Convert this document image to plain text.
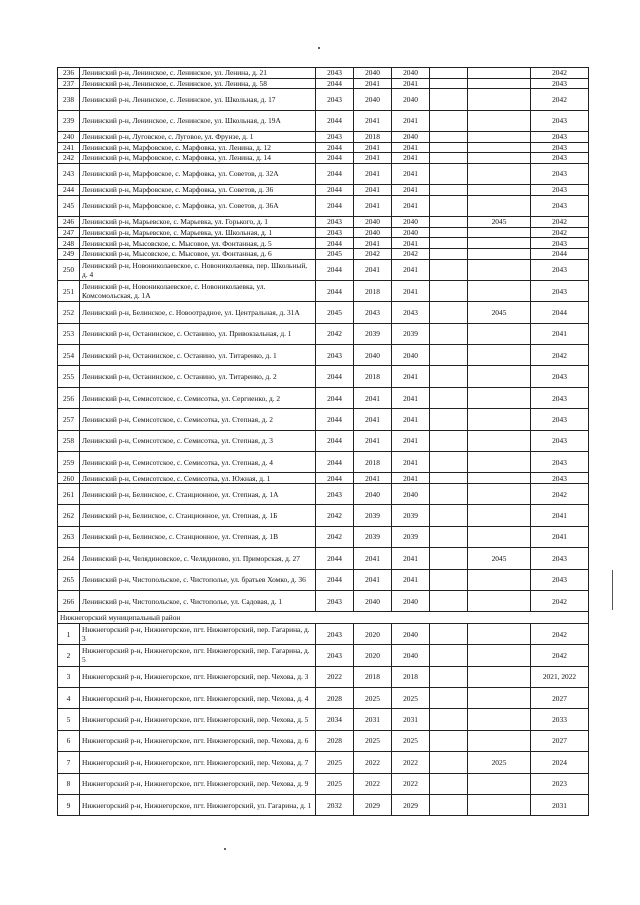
236	Ленинский р-н, Ленинское, с. Ленинское, ул. Ленина, д. 21	2043	2040	2040			2042
237	Ленинский р-н, Ленинское, с. Ленинское, ул. Ленина, д. 58	2044	2041	2041			2043
238	Ленинский р-н, Ленинское, с. Ленинское, ул. Школьная, д. 17	2043	2040	2040			2042
239	Ленинский р-н, Ленинское, с. Ленинское, ул. Школьная, д. 19А	2044	2041	2041			2043
240	Ленинский р-н, Луговское, с. Луговое, ул. Фрунзе, д. 1	2043	2018	2040			2043
241	Ленинский р-н, Марфовское, с. Марфовка, ул. Ленина, д. 12	2044	2041	2041			2043
242	Ленинский р-н, Марфовское, с. Марфовка, ул. Ленина, д. 14	2044	2041	2041			2043
243	Ленинский р-н, Марфовское, с. Марфовка, ул. Советов, д. 32А	2044	2041	2041			2043
244	Ленинский р-н, Марфовское, с. Марфовка, ул. Советов, д. 36	2044	2041	2041			2043
245	Ленинский р-н, Марфовское, с. Марфовка, ул. Советов, д. 36А	2044	2041	2041			2043
246	Ленинский р-н, Марьевское, с. Марьевка, ул. Горького, д. 1	2043	2040	2040		2045	2042
247	Ленинский р-н, Марьевское, с. Марьевка, ул. Школьная, д. 1	2043	2040	2040			2042
248	Ленинский р-н, Мысовское, с. Мысовое, ул. Фонтанная, д. 5	2044	2041	2041			2043
249	Ленинский р-н, Мысовское, с. Мысовое, ул. Фонтанная, д. 6	2045	2042	2042			2044
250	Ленинский р-н, Новониколаевское, с. Новониколаевка, пер. Школьный, д. 4	2044	2041	2041			2043
251	Ленинский р-н, Новониколаевское, с. Новониколаевка, ул. Комсомольская, д. 1А	2044	2018	2041			2043
252	Ленинский р-н, Белинское, с. Новоотрадное, ул. Центральная, д. 31А	2045	2043	2043		2045	2044
253	Ленинский р-н, Останинское, с. Останино, ул. Привокзальная, д. 1	2042	2039	2039			2041
254	Ленинский р-н, Останинское, с. Останино, ул. Титаренко, д. 1	2043	2040	2040			2042
255	Ленинский р-н, Останинское, с. Останино, ул. Титаренко, д. 2	2044	2018	2041			2043
256	Ленинский р-н, Семисотское, с. Семисотка, ул. Сергиенко, д. 2	2044	2041	2041			2043
257	Ленинский р-н, Семисотское, с. Семисотка, ул. Степная, д. 2	2044	2041	2041			2043
258	Ленинский р-н, Семисотское, с. Семисотка, ул. Степная, д. 3	2044	2041	2041			2043
259	Ленинский р-н, Семисотское, с. Семисотка, ул. Степная, д. 4	2044	2018	2041			2043
260	Ленинский р-н, Семисотское, с. Семисотка, ул. Южная, д. 1	2044	2041	2041			2043
261	Ленинский р-н, Белинское, с. Станционное, ул. Степная, д. 1А	2043	2040	2040			2042
262	Ленинский р-н, Белинское, с. Станционное, ул. Степная, д. 1Б	2042	2039	2039			2041
263	Ленинский р-н, Белинское, с. Станционное, ул. Степная, д. 1В	2042	2039	2039			2041
264	Ленинский р-н, Челядиновское, с. Челядиново, ул. Приморская, д. 27	2044	2041	2041		2045	2043
265	Ленинский р-н, Чистопольское, с. Чистополье, ул. братьев Хомко, д. 36	2044	2041	2041			2043
266	Ленинский р-н, Чистопольское, с. Чистополье, ул. Садовая, д. 1	2043	2040	2040			2042
Нижнегорский муниципальный район							
1	Нижнегорский р-н, Нижнегорское, пгт. Нижнегорский, пер. Гагарина, д. 3	2043	2020	2040			2042
2	Нижнегорский р-н, Нижнегорское, пгт. Нижнегорский, пер. Гагарина, д. 5	2043	2020	2040			2042
3	Нижнегорский р-н, Нижнегорское, пгт. Нижнегорский, пер. Чехова, д. 3	2022	2018	2018			2021, 2022
4	Нижнегорский р-н, Нижнегорское, пгт. Нижнегорский, пер. Чехова, д. 4	2028	2025	2025			2027
5	Нижнегорский р-н, Нижнегорское, пгт. Нижнегорский, пер. Чехова, д. 5	2034	2031	2031			2033
6	Нижнегорский р-н, Нижнегорское, пгт. Нижнегорский, пер. Чехова, д. 6	2028	2025	2025			2027
7	Нижнегорский р-н, Нижнегорское, пгт. Нижнегорский, пер. Чехова, д. 7	2025	2022	2022		2025	2024
8	Нижнегорский р-н, Нижнегорское, пгт. Нижнегорский, пер. Чехова, д. 9	2025	2022	2022			2023
9	Нижнегорский р-н, Нижнегорское, пгт. Нижнегорский, ул. Гагарина, д. 1	2032	2029	2029			2031
